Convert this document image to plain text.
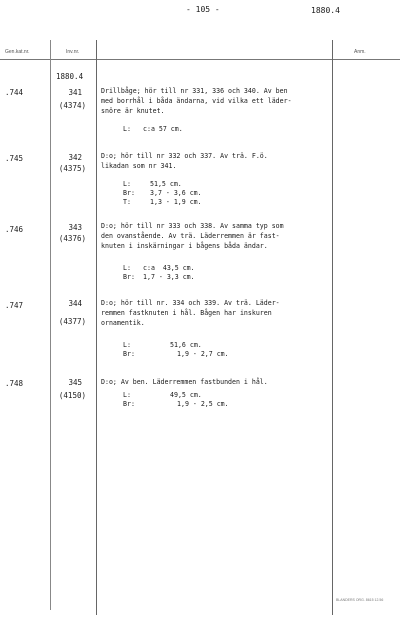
- 105 -	1880.4
Gen.kat.nr.	Inv.nr.	Anm.
1880.4
.744	341
(4374)
Drillbåge; hör till nr 331, 336 och 340. Av ben
med borrhål i båda ändarna, vid vilka ett läder-
snöre är knutet.
L: c:a 57 cm.
.745	342
(4375)
D:o; hör till nr 332 och 337. Av trä. F.ö.
likadan som nr 341.
L:	51,5 cm.
Br: 3,7 - 3,6 cm.
T:	1,3 - 1,9 cm.
.746	343
(4376)
D:o; hör till nr 333 och 338. Av samma typ som
den ovanstående. Av trä. Läderremmen är fast-
knuten i inskärningar i bågens båda ändar.
L: c:a  43,5 cm.
Br: 1,7 - 3,3 cm.
.747	344
(4377)
D:o; hör till nr. 334 och 339. Av trä. Läder-
remmen fastknuten i hål. Bågen har inskuren
ornamentik.
L:	51,6 cm.
Br:	1,9 - 2,7 cm.
.748	345
(4150)
D:o; Av ben. Läderremmen fastbunden i hål.
L:	49,5 cm.
Br:	1,9 - 2,5 cm.
BLANDERS ORG. 8615 12.56
